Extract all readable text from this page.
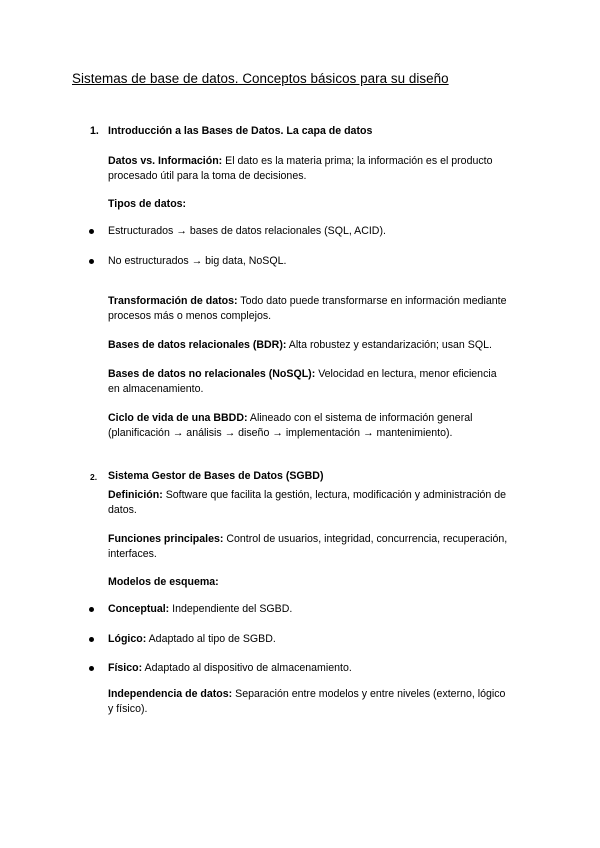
Sistemas de base de datos. Conceptos básicos para su diseño
1. Introducción a las Bases de Datos. La capa de datos
Datos vs. Información: El dato es la materia prima; la información es el producto
procesado útil para la toma de decisiones.
Tipos de datos:
Estructurados → bases de datos relacionales (SQL, ACID).
No estructurados → big data, NoSQL.
Transformación de datos: Todo dato puede transformarse en información mediante
procesos más o menos complejos.
Bases de datos relacionales (BDR): Alta robustez y estandarización; usan SQL.
Bases de datos no relacionales (NoSQL): Velocidad en lectura, menor eficiencia
en almacenamiento.
Ciclo de vida de una BBDD: Alineado con el sistema de información general
(planificación → análisis → diseño → implementación → mantenimiento).
2. Sistema Gestor de Bases de Datos (SGBD)
Definición: Software que facilita la gestión, lectura, modificación y administración de
datos.
Funciones principales: Control de usuarios, integridad, concurrencia, recuperación,
interfaces.
Modelos de esquema:
Conceptual: Independiente del SGBD.
Lógico: Adaptado al tipo de SGBD.
Físico: Adaptado al dispositivo de almacenamiento.
Independencia de datos: Separación entre modelos y entre niveles (externo, lógico
y físico).
